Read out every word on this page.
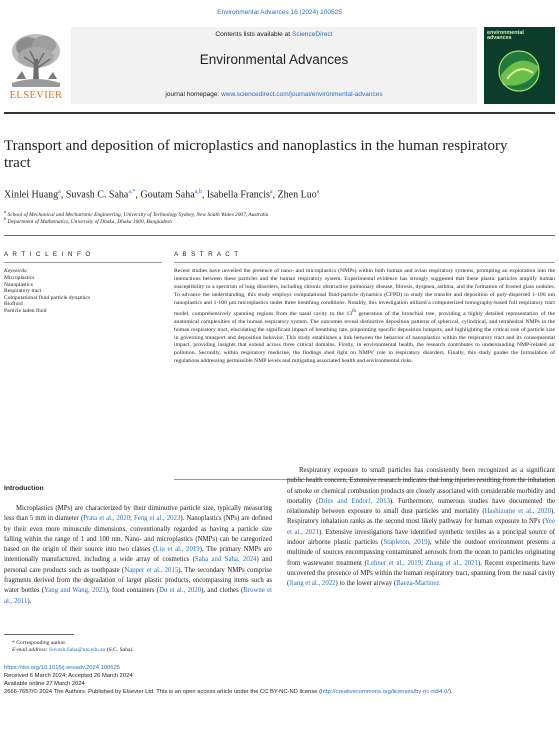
Environmental Advances 16 (2024) 100525
ELSEVIER
Contents lists available at ScienceDirect
Environmental Advances
journal homepage: www.sciencedirect.com/journal/environmental-advances
environmental
advances
Transport and deposition of microplastics and nanoplastics in the human respiratory tract
Xinlei Huang$^a$, Suvash C. Saha$^{a,*}$, Goutam Saha$^{a,b}$, Isabella Francis$^a$, Zhen Luo$^a$
$^a$ School of Mechanical and Mechatronic Engineering, University of Technology Sydney, New South Wales 2007, Australia
$^b$ Department of Mathematics, University of Dhaka, Dhaka 1000, Bangladesh
A R T I C L E I N F O
Keywords:
Microplastics
Nanoplastics
Respiratory tract
Computational fluid particle dynamics
Biofluid
Particle laden fluid
A B S T R A C T

Recent studies have unveiled the presence of nano- and microplastics (NMPs) within both human and avian respiratory systems, prompting an exploration into the interactions between these particles and the human respiratory system. Experimental evidence has strongly suggested that these plastic particles amplify human susceptibility to a spectrum of lung disorders, including chronic obstructive pulmonary disease, fibrosis, dyspnea, asthma, and the formation of frosted glass nodules. To advance the understanding, this study employs computational fluid-particle dynamics (CFPD) to study the transfer and deposition of poly-dispersed 1-100 nm nanoplastics and 1-100 µm microplastics under three breathing conditions. Notably, this investigation utilized a computerized tomography-based full respiratory tract model, comprehensively spanning regions from the nasal cavity to the 13th generation of the bronchial tree, providing a highly detailed representation of the anatomical complexities of the human respiratory system. The outcomes reveal distinctive deposition patterns of spherical, cylindrical, and tetrahedral NMPs in the human respiratory tract, elucidating the significant impact of breathing rate, pinpointing specific deposition hotspots, and highlighting the critical role of particle size in governing transport and deposition behavior. This study establishes a link between the behavior of nanoplastics within the respiratory tract and its consequential impact, providing insights that extend across three critical domains. Firstly, in environmental health, the research contributes to understanding NMP-related air pollution. Secondly, within respiratory medicine, the findings shed light on NMPs' role in respiratory disorders. Finally, this study guides the formulation of regulations addressing permissible NMP levels and mitigating associated health and environmental risks.

Introduction

Microplastics (MPs) are characterized by their diminutive particle size, typically measuring less than 5 mm in diameter (Prata et al., 2020; Feng et al., 2023). Nanoplastics (NPs) are defined by their even more minuscule dimensions, conventionally regarded as having a particle size falling within the range of 1 and 100 nm. Nano- and microplastics (NMPs) can be categorized based on the origin of their source into two classes (Liu et al., 2019). The primary NMPs are intentionally manufactured, including a wide array of cosmetics (Saha and Saha, 2024) and personal care products such as toothpaste (Napper et al., 2015). The secondary NMPs comprise fragments derived from the degradation of larger plastic products, encompassing items such as water bottles (Yang and Wang, 2023), food containers (Du et al., 2020), and clothes (Browne et al., 2011).

Respiratory exposure to small particles has consistently been recognized as a significant public health concern. Extensive research indicates that lung injuries resulting from the inhalation of smoke or chemical combustion products are closely associated with considerable morbidity and mortality (Dries and Endorf, 2013). Furthermore, numerous studies have documented the relationship between exposure to small dust particles and mortality (Hashizume et al., 2020). Respiratory inhalation ranks as the second most likely pathway for human exposure to NPs (Yee et al., 2021). Extensive investigations have identified synthetic textiles as a principal source of indoor airborne plastic particles (Stapleton, 2019), while the outdoor environment presents a multitude of sources encompassing contaminated aerosols from the ocean to particles originating from wastewater treatment (Lehner et al., 2019; Zhang et al., 2021). Recent experiments have uncovered the presence of MPs within the human respiratory tract, spanning from the nasal cavity (Jiang et al., 2022) to the lower airway (Baeza-Martinez

* Corresponding author.
E-mail address: Suvash.Saha@uts.edu.au (S.C. Saha).
https://doi.org/10.1016/j.envadv.2024.100525
Received 6 March 2024; Accepted 26 March 2024
Available online 27 March 2024
2666-7657/© 2024 The Authors. Published by Elsevier Ltd. This is an open access article under the CC BY-NC-ND license (http://creativecommons.org/licenses/by-nc-nd/4.0/).
